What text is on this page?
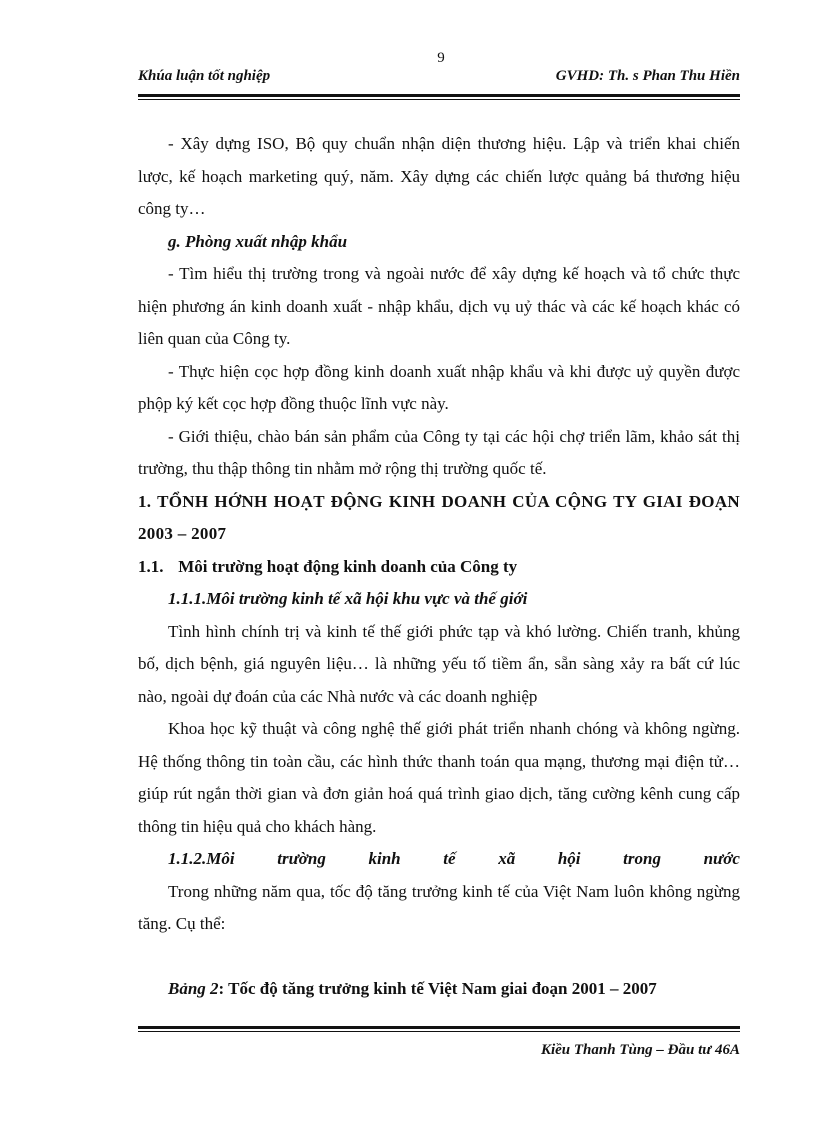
9
Khúa luận tốt nghiệp	GVHD: Th. s Phan Thu Hiền

- Xây dựng ISO, Bộ quy chuẩn nhận diện thương hiệu. Lập và triển khai chiến lược, kế hoạch marketing quý, năm. Xây dựng các chiến lược quảng bá thương hiệu công ty…

g. Phòng xuất nhập khẩu

- Tìm hiểu thị trường trong và ngoài nước để xây dựng kế hoạch và tổ chức thực hiện phương án kinh doanh xuất - nhập khẩu, dịch vụ uỷ thác và các kế hoạch khác có liên quan của Công ty.

- Thực hiện cọc hợp đồng kinh doanh xuất nhập khẩu và khi được uỷ quyền được phộp ký kết cọc hợp đồng thuộc lĩnh vực này.

- Giới thiệu, chào bán sản phẩm của Công ty tại các hội chợ triển lãm, khảo sát thị trường, thu thập thông tin nhằm mở rộng thị trường quốc tế.

1. TỔNH HỚNH HOẠT ĐỘNG KINH DOANH CỦA CỘNG TY GIAI ĐOẠN 2003 – 2007

1.1. Môi trường hoạt động kinh doanh của Công ty

1.1.1.Môi trường kinh tế xã hội khu vực và thế giới

Tình hình chính trị và kinh tế thế giới phức tạp và khó lường. Chiến tranh, khủng bố, dịch bệnh, giá nguyên liệu… là những yếu tố tiềm ẩn, sẵn sàng xảy ra bất cứ lúc nào, ngoài dự đoán của các Nhà nước và các doanh nghiệp

Khoa học kỹ thuật và công nghệ thế giới phát triển nhanh chóng và không ngừng. Hệ thống thông tin toàn cầu, các hình thức thanh toán qua mạng, thương mại điện tử… giúp rút ngắn thời gian và đơn giản hoá quá trình giao dịch, tăng cường kênh cung cấp thông tin hiệu quả cho khách hàng.

1.1.2.Môi	trường	kinh	tế	xã	hội	trong	nước

Trong những năm qua, tốc độ tăng trưởng kinh tế của Việt Nam luôn không ngừng tăng. Cụ thể:

Bảng 2: Tốc độ tăng trưởng kinh tế Việt Nam giai đoạn 2001 – 2007

Kiều Thanh Tùng – Đầu tư 46A
